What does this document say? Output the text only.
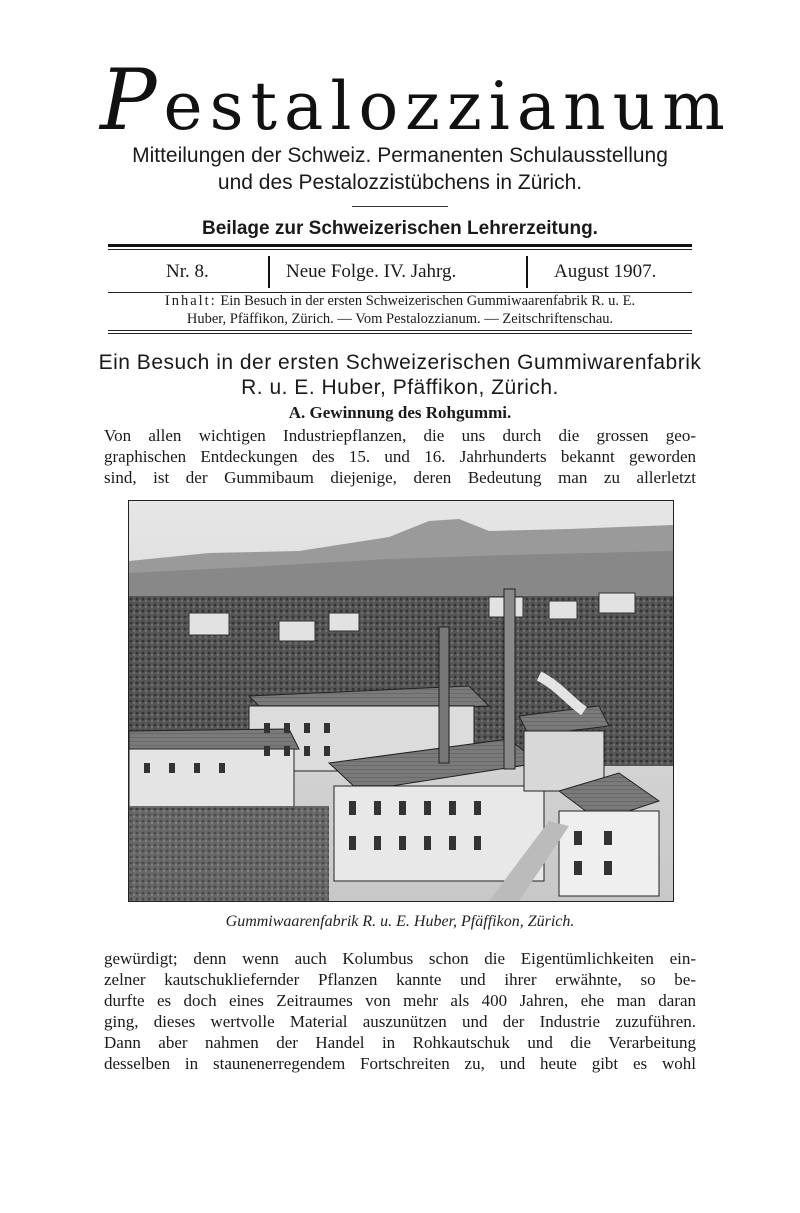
Pestalozzianum
Mitteilungen der Schweiz. Permanenten Schulausstellung
und des Pestalozzistübchens in Zürich.
Beilage zur Schweizerischen Lehrerzeitung.
Nr. 8.	Neue Folge. IV. Jahrg.	August 1907.
Inhalt: Ein Besuch in der ersten Schweizerischen Gummiwaarenfabrik R. u. E.
Huber, Pfäffikon, Zürich. — Vom Pestalozzianum. — Zeitschriftenschau.
Ein Besuch in der ersten Schweizerischen Gummiwarenfabrik
R. u. E. Huber, Pfäffikon, Zürich.
A. Gewinnung des Rohgummi.
Von allen wichtigen Industriepflanzen, die uns durch die grossen geo-
graphischen Entdeckungen des 15. und 16. Jahrhunderts bekannt geworden
sind, ist der Gummibaum diejenige, deren Bedeutung man zu allerletzt
Gummiwaarenfabrik R. u. E. Huber, Pfäffikon, Zürich.
gewürdigt; denn wenn auch Kolumbus schon die Eigentümlichkeiten ein-
zelner kautschukliefernder Pflanzen kannte und ihrer erwähnte, so be-
durfte es doch eines Zeitraumes von mehr als 400 Jahren, ehe man daran
ging, dieses wertvolle Material auszunützen und der Industrie zuzuführen.
Dann aber nahmen der Handel in Rohkautschuk und die Verarbeitung
desselben in staunenerregendem Fortschreiten zu, und heute gibt es wohl
